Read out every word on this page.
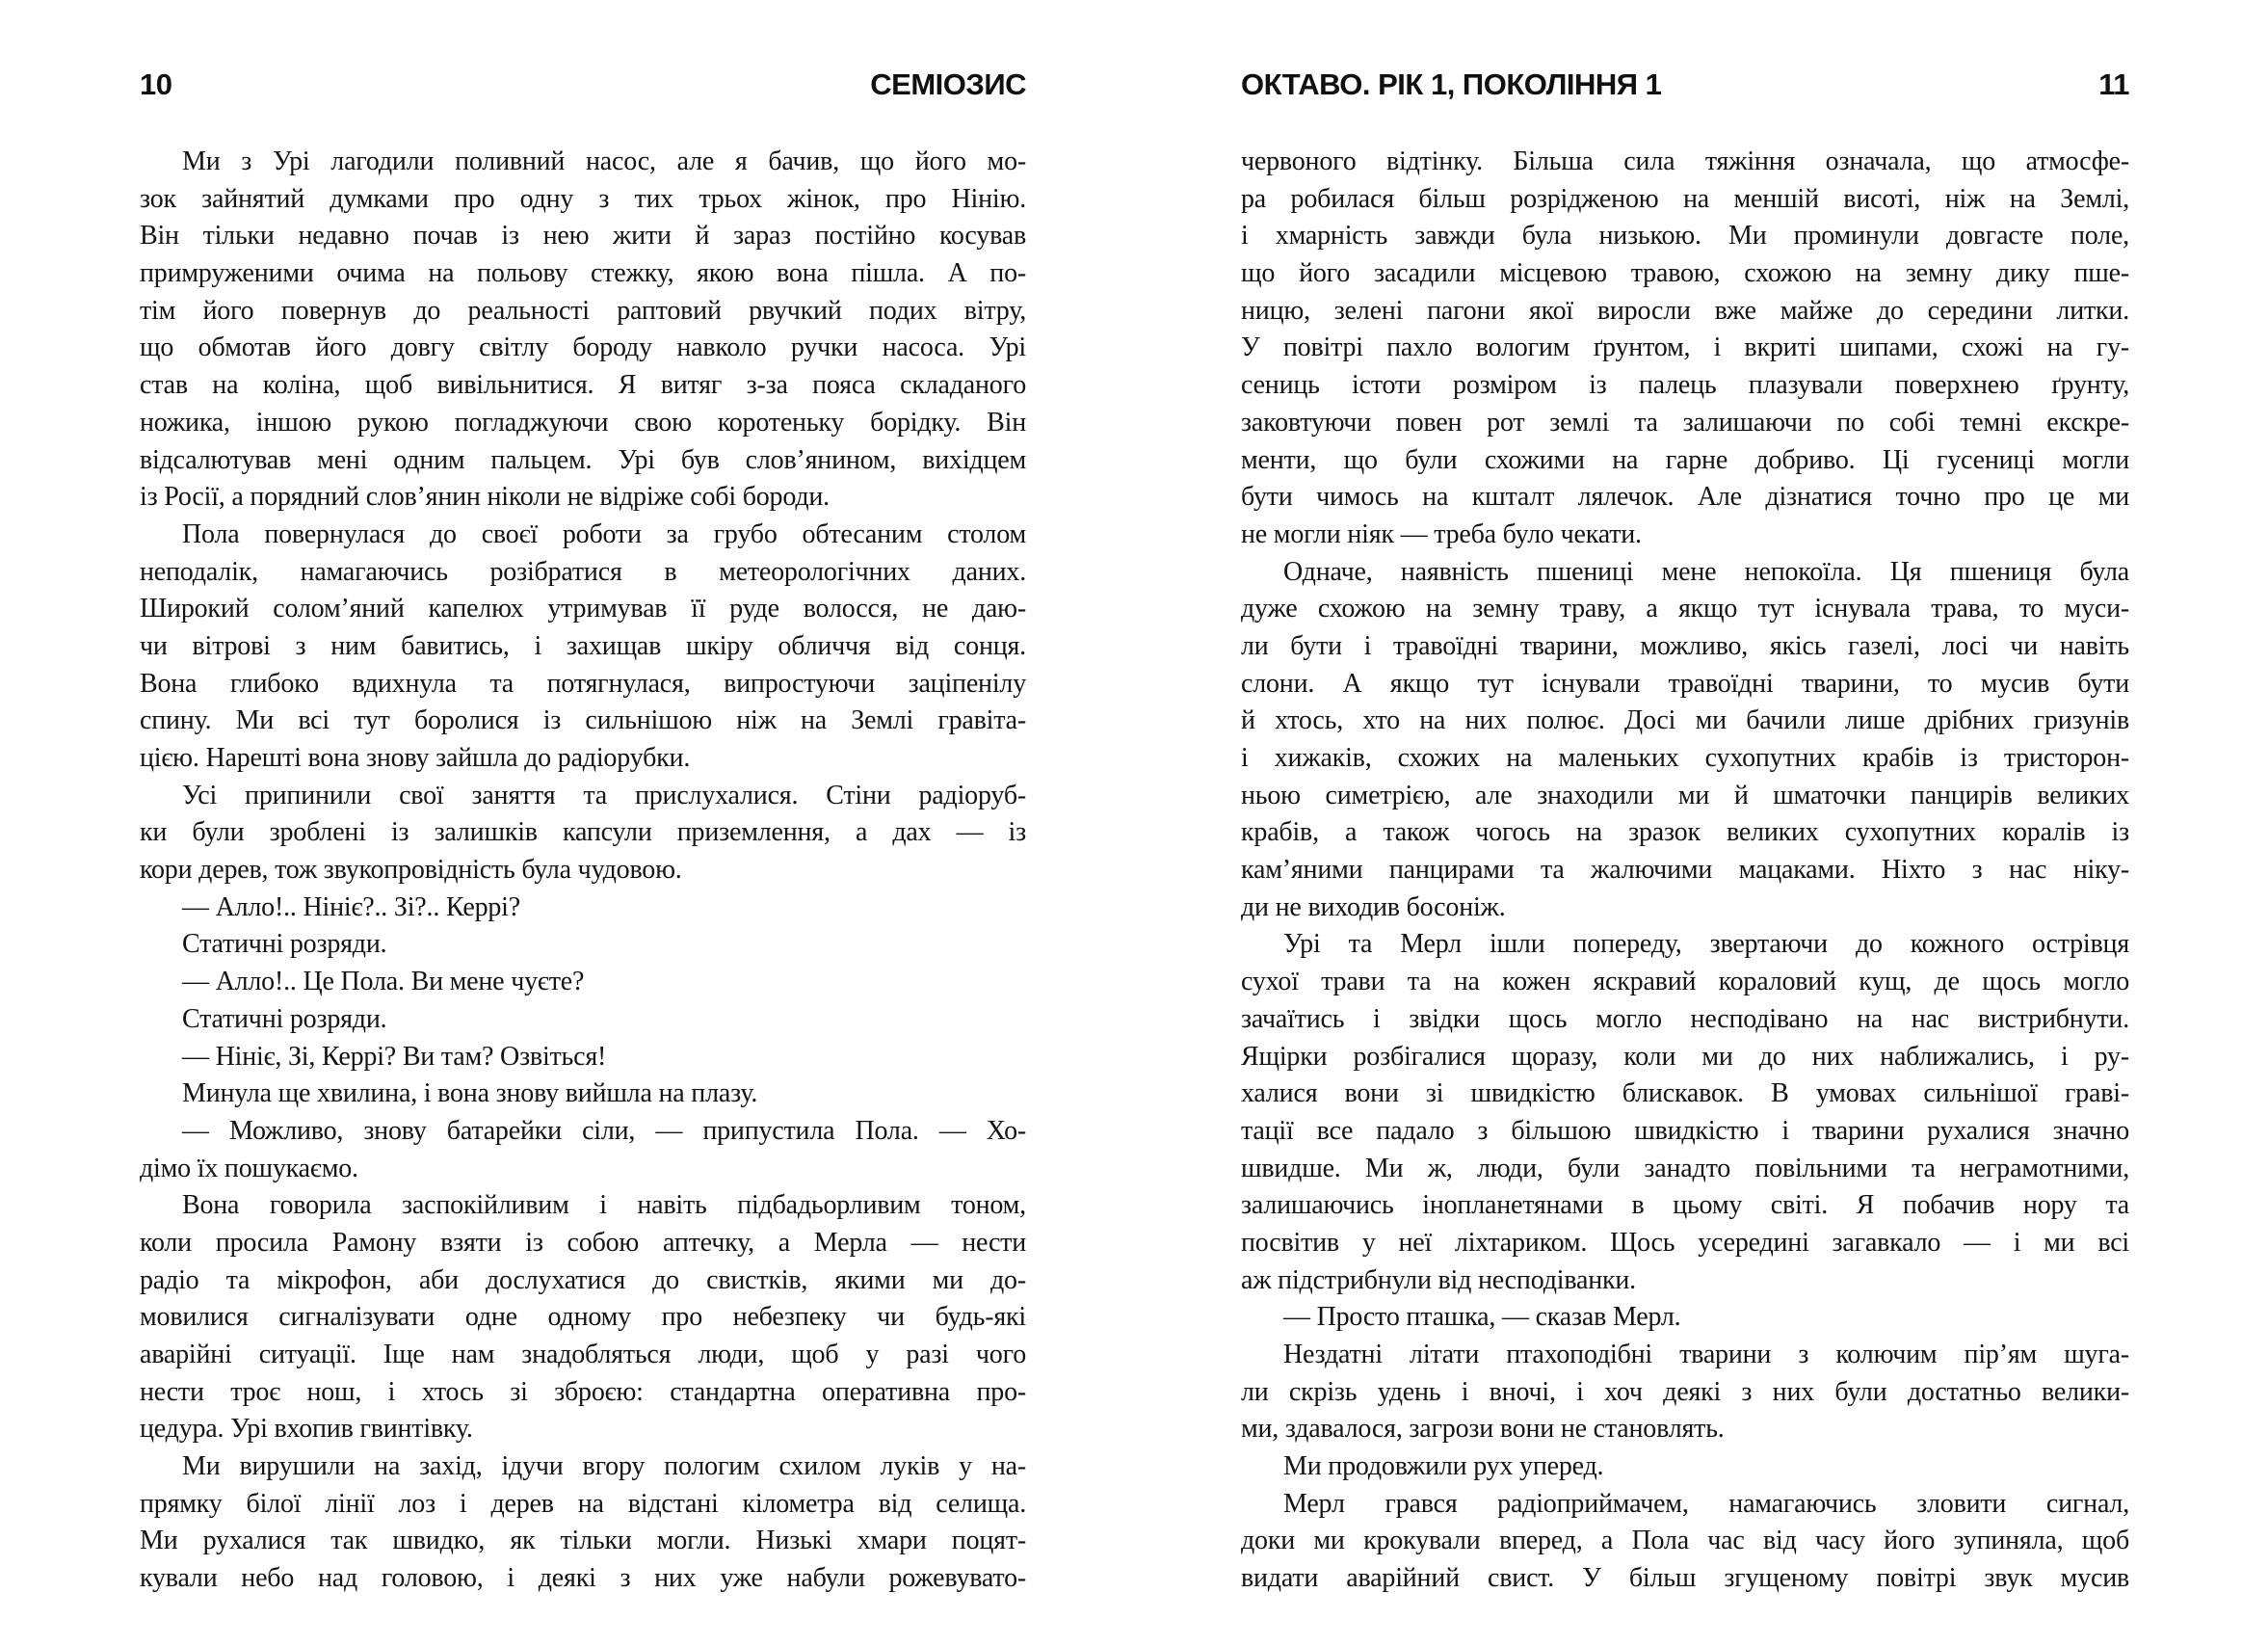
10	СЕМІОЗИС
Ми з Урі лагодили поливний насос, але я бачив, що його мо-
зок зайнятий думками про одну з тих трьох жінок, про Нінію.
Він тільки недавно почав із нею жити й зараз постійно косував
примруженими очима на польову стежку, якою вона пішла. А по-
тім його повернув до реальності раптовий рвучкий подих вітру,
що обмотав його довгу світлу бороду навколо ручки насоса. Урі
став на коліна, щоб вивільнитися. Я витяг з-за пояса складаного
ножика, іншою рукою погладжуючи свою коротеньку борідку. Він
відсалютував мені одним пальцем. Урі був слов’янином, вихідцем
із Росії, а порядний слов’янин ніколи не відріже собі бороди.
Пола повернулася до своєї роботи за грубо обтесаним столом
неподалік, намагаючись розібратися в метеорологічних даних.
Широкий солом’яний капелюх утримував її руде волосся, не даю-
чи вітрові з ним бавитись, і захищав шкіру обличчя від сонця.
Вона глибоко вдихнула та потягнулася, випростуючи заціпенілу
спину. Ми всі тут боролися із сильнішою ніж на Землі гравіта-
цією. Нарешті вона знову зайшла до радіорубки.
Усі припинили свої заняття та прислухалися. Стіни радіоруб-
ки були зроблені із залишків капсули приземлення, а дах — із
кори дерев, тож звукопровідність була чудовою.
— Алло!.. Нініє?.. Зі?.. Керрі?
Статичні розряди.
— Алло!.. Це Пола. Ви мене чуєте?
Статичні розряди.
— Нініє, Зі, Керрі? Ви там? Озвіться!
Минула ще хвилина, і вона знову вийшла на плазу.
— Можливо, знову батарейки сіли, — припустила Пола. — Хо-
дімо їх пошукаємо.
Вона говорила заспокійливим і навіть підбадьорливим тоном,
коли просила Рамону взяти із собою аптечку, а Мерла — нести
радіо та мікрофон, аби дослухатися до свистків, якими ми до-
мовилися сигналізувати одне одному про небезпеку чи будь-які
аварійні ситуації. Іще нам знадобляться люди, щоб у разі чого
нести троє нош, і хтось зі зброєю: стандартна оперативна про-
цедура. Урі вхопив гвинтівку.
Ми вирушили на захід, ідучи вгору пологим схилом луків у на-
прямку білої лінії лоз і дерев на відстані кілометра від селища.
Ми рухалися так швидко, як тільки могли. Низькі хмари поцят-
кували небо над головою, і деякі з них уже набули рожевувато-
ОКТАВО. РІК 1, ПОКОЛІННЯ 1	11
червоного відтінку. Більша сила тяжіння означала, що атмосфе-
ра робилася більш розрідженою на меншій висоті, ніж на Землі,
і хмарність завжди була низькою. Ми проминули довгасте поле,
що його засадили місцевою травою, схожою на земну дику пше-
ницю, зелені пагони якої виросли вже майже до середини литки.
У повітрі пахло вологим ґрунтом, і вкриті шипами, схожі на гу-
сениць істоти розміром із палець плазували поверхнею ґрунту,
заковтуючи повен рот землі та залишаючи по собі темні екскре-
менти, що були схожими на гарне добриво. Ці гусениці могли
бути чимось на кшталт лялечок. Але дізнатися точно про це ми
не могли ніяк — треба було чекати.
Одначе, наявність пшениці мене непокоїла. Ця пшениця була
дуже схожою на земну траву, а якщо тут існувала трава, то муси-
ли бути і травоїдні тварини, можливо, якісь газелі, лосі чи навіть
слони. А якщо тут існували травоїдні тварини, то мусив бути
й хтось, хто на них полює. Досі ми бачили лише дрібних гризунів
і хижаків, схожих на маленьких сухопутних крабів із тристорон-
ньою симетрією, але знаходили ми й шматочки панцирів великих
крабів, а також чогось на зразок великих сухопутних коралів із
кам’яними панцирами та жалючими мацаками. Ніхто з нас ніку-
ди не виходив босоніж.
Урі та Мерл ішли попереду, звертаючи до кожного острівця
сухої трави та на кожен яскравий кораловий кущ, де щось могло
зачаїтись і звідки щось могло несподівано на нас вистрибнути.
Ящірки розбігалися щоразу, коли ми до них наближались, і ру-
халися вони зі швидкістю блискавок. В умовах сильнішої граві-
тації все падало з більшою швидкістю і тварини рухалися значно
швидше. Ми ж, люди, були занадто повільними та неграмотними,
залишаючись інопланетянами в цьому світі. Я побачив нору та
посвітив у неї ліхтариком. Щось усередині загавкало — і ми всі
аж підстрибнули від несподіванки.
— Просто пташка, — сказав Мерл.
Нездатні літати птахоподібні тварини з колючим пір’ям шуга-
ли скрізь удень і вночі, і хоч деякі з них були достатньо велики-
ми, здавалося, загрози вони не становлять.
Ми продовжили рух уперед.
Мерл грався радіоприймачем, намагаючись зловити сигнал,
доки ми крокували вперед, а Пола час від часу його зупиняла, щоб
видати аварійний свист. У більш згущеному повітрі звук мусив
